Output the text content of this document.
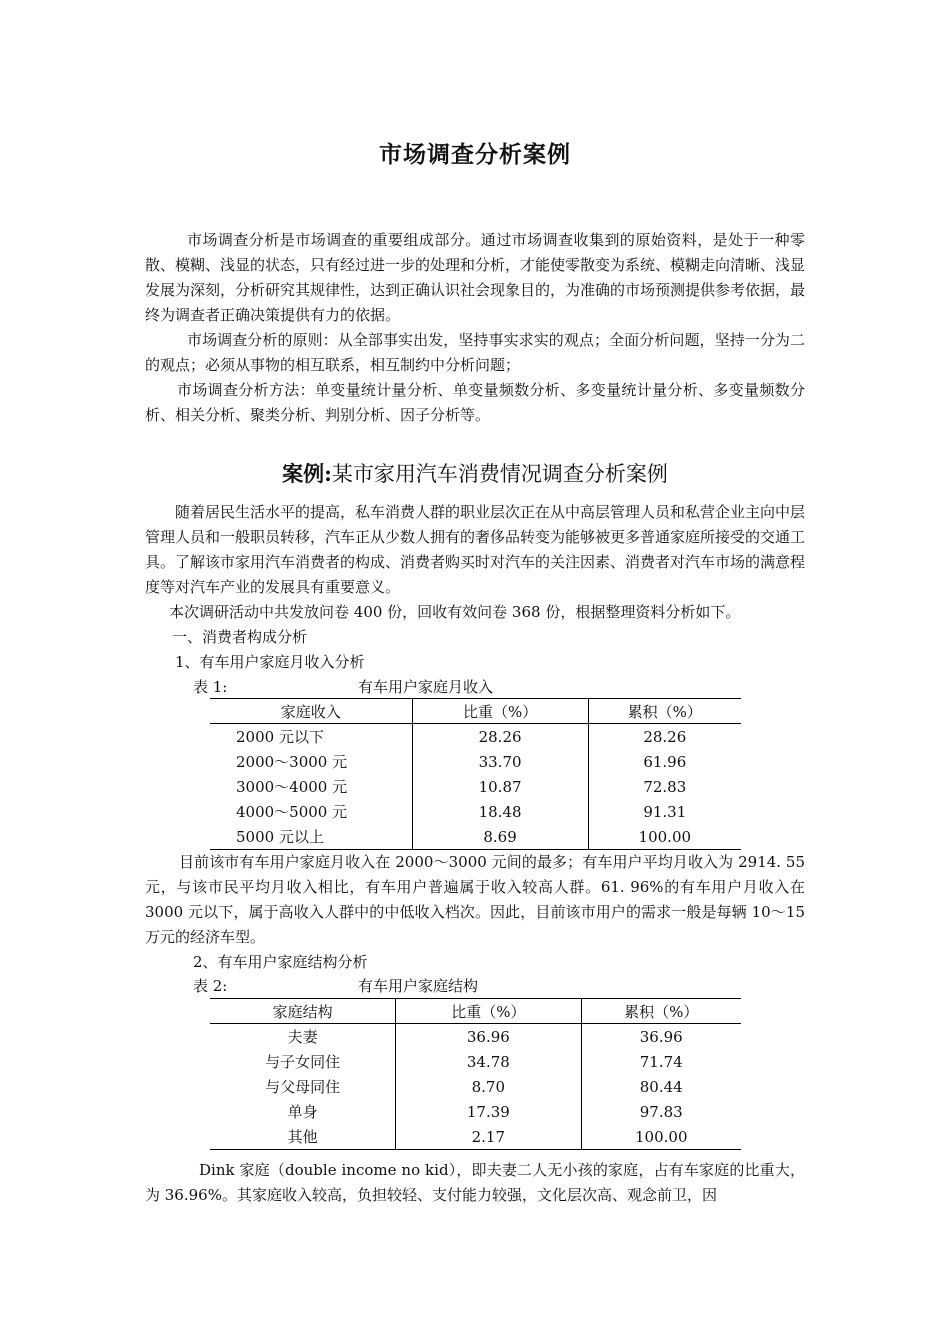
市场调查分析案例

市场调查分析是市场调查的重要组成部分。通过市场调查收集到的原始资料，是处于一种零散、模糊、浅显的状态，只有经过进一步的处理和分析，才能使零散变为系统、模糊走向清晰、浅显发展为深刻，分析研究其规律性，达到正确认识社会现象目的，为准确的市场预测提供参考依据，最终为调查者正确决策提供有力的依据。

市场调查分析的原则：从全部事实出发，坚持事实求实的观点；全面分析问题，坚持一分为二的观点；必须从事物的相互联系，相互制约中分析问题；

市场调查分析方法：单变量统计量分析、单变量频数分析、多变量统计量分析、多变量频数分析、相关分析、聚类分析、判别分析、因子分析等。

案例:某市家用汽车消费情况调查分析案例

随着居民生活水平的提高，私车消费人群的职业层次正在从中高层管理人员和私营企业主向中层管理人员和一般职员转移，汽车正从少数人拥有的奢侈品转变为能够被更多普通家庭所接受的交通工具。了解该市家用汽车消费者的构成、消费者购买时对汽车的关注因素、消费者对汽车市场的满意程度等对汽车产业的发展具有重要意义。

本次调研活动中共发放问卷 400 份，回收有效问卷 368 份，根据整理资料分析如下。

一、消费者构成分析
1、有车用户家庭月收入分析
表 1:	有车用户家庭月收入
家庭收入	比重（%）	累积（%）
2000 元以下	28.26	28.26
2000～3000 元	33.70	61.96
3000～4000 元	10.87	72.83
4000～5000 元	18.48	91.31
5000 元以上	8.69	100.00

目前该市有车用户家庭月收入在 2000～3000 元间的最多；有车用户平均月收入为 2914. 55 元，与该市民平均月收入相比，有车用户普遍属于收入较高人群。61. 96%的有车用户月收入在 3000 元以下，属于高收入人群中的中低收入档次。因此，目前该市用户的需求一般是每辆 10～15 万元的经济车型。

2、有车用户家庭结构分析
表 2:	有车用户家庭结构
家庭结构	比重（%）	累积（%）
夫妻	36.96	36.96
与子女同住	34.78	71.74
与父母同住	8.70	80.44
单身	17.39	97.83
其他	2.17	100.00

Dink 家庭（double income no kid），即夫妻二人无小孩的家庭，占有车家庭的比重大，为 36.96%。其家庭收入较高，负担较轻、支付能力较强，文化层次高、观念前卫，因
